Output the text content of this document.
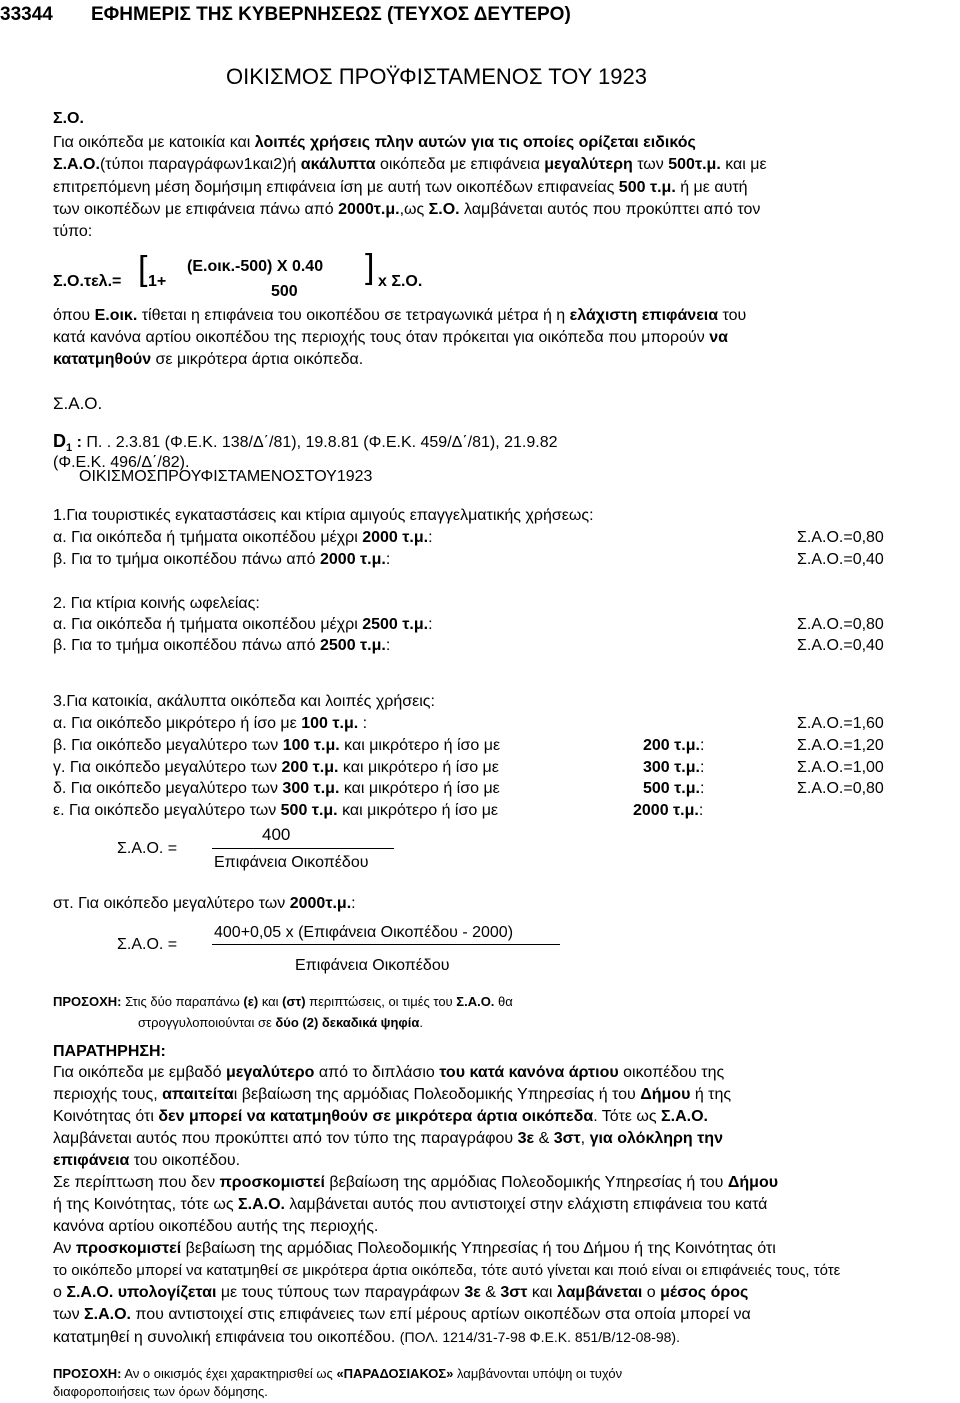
33344 ΕΦΗΜΕΡΙΣ ΤΗΣ ΚΥΒΕΡΝΗΣΕΩΣ (ΤΕΥΧΟΣ ΔΕΥΤΕΡΟ)
ΟΙΚΙΣΜΟΣ ΠΡΟΫΦΙΣΤΑΜΕΝΟΣ ΤΟΥ 1923
Σ.Ο.
Για οικόπεδα με κατοικία και λοιπές χρήσεις πλην αυτών για τις οποίες ορίζεται ειδικός
Σ.Α.Ο.(τύποι παραγράφων1και2)ή ακάλυπτα οικόπεδα με επιφάνεια μεγαλύτερη των 500τ.μ. και με
επιτρεπόμενη μέση δομήσιμη επιφάνεια ίση με αυτή των οικοπέδων επιφανείας 500 τ.μ. ή με αυτή
των οικοπέδων με επιφάνεια πάνω από 2000τ.μ.,ως Σ.Ο. λαμβάνεται αυτός που προκύπτει από τον
τύπο:
Σ.Ο.τελ.= [ 1+
(Ε.οικ.-500) Χ 0.40
500
] x Σ.Ο.
όπου Ε.οικ. τίθεται η επιφάνεια του οικοπέδου σε τετραγωνικά μέτρα ή η ελάχιστη επιφάνεια του
κατά κανόνα αρτίου οικοπέδου της περιοχής τους όταν πρόκειται για οικόπεδα που μπορούν να
κατατμηθούν σε μικρότερα άρτια οικόπεδα.
Σ.Α.Ο.
$D_1$ : Π. . 2.3.81 (Φ.Ε.Κ. 138/Δ΄/81), 19.8.81 (Φ.Ε.Κ. 459/Δ΄/81), 21.9.82
(Φ.Ε.Κ. 496/Δ΄/82).
ΟΙΚΙΣΜΟΣΠΡΟΥΦΙΣΤΑΜΕΝΟΣΤΟΥ1923
1.Για τουριστικές εγκαταστάσεις και κτίρια αμιγούς επαγγελματικής χρήσεως:
α. Για οικόπεδα ή τμήματα οικοπέδου μέχρι 2000 τ.μ.:	Σ.Α.Ο.=0,80
β. Για το τμήμα οικοπέδου πάνω από 2000 τ.μ.:	Σ.Α.Ο.=0,40
2. Για κτίρια κοινής ωφελείας:
α. Για οικόπεδα ή τμήματα οικοπέδου μέχρι 2500 τ.μ.:	Σ.Α.Ο.=0,80
β. Για το τμήμα οικοπέδου πάνω από 2500 τ.μ.:	Σ.Α.Ο.=0,40
3.Για κατοικία, ακάλυπτα οικόπεδα και λοιπές χρήσεις:
α. Για οικόπεδο μικρότερο ή ίσο με 100 τ.μ. :	Σ.Α.Ο.=1,60
β. Για οικόπεδο μεγαλύτερο των 100 τ.μ. και μικρότερο ή ίσο με	200 τ.μ.:	Σ.Α.Ο.=1,20
γ. Για οικόπεδο μεγαλύτερο των 200 τ.μ. και μικρότερο ή ίσο με	300 τ.μ.:	Σ.Α.Ο.=1,00
δ. Για οικόπεδο μεγαλύτερο των 300 τ.μ. και μικρότερο ή ίσο με	500 τ.μ.:	Σ.Α.Ο.=0,80
ε. Για οικόπεδο μεγαλύτερο των 500 τ.μ. και μικρότερο ή ίσο με	2000 τ.μ.:
Σ.Α.Ο. =
400
Επιφάνεια Οικοπέδου
στ. Για οικόπεδο μεγαλύτερο των 2000τ.μ.:
Σ.Α.Ο. =
400+0,05 x (Επιφάνεια Οικοπέδου - 2000)
Επιφάνεια Οικοπέδου
ΠΡΟΣΟΧΗ: Στις δύο παραπάνω (ε) και (στ) περιπτώσεις, οι τιμές του Σ.Α.Ο. θα
στρογγυλοποιούνται σε δύο (2) δεκαδικά ψηφία.
ΠΑΡΑΤΗΡΗΣΗ:
Για οικόπεδα με εμβαδό μεγαλύτερο από το διπλάσιο του κατά κανόνα άρτιου οικοπέδου της
περιοχής τους, απαιτείται βεβαίωση της αρμόδιας Πολεοδομικής Υπηρεσίας ή του Δήμου ή της
Κοινότητας ότι δεν μπορεί να κατατμηθούν σε μικρότερα άρτια οικόπεδα. Τότε ως Σ.Α.Ο.
λαμβάνεται αυτός που προκύπτει από τον τύπο της παραγράφου 3ε & 3στ, για ολόκληρη την
επιφάνεια του οικοπέδου.
Σε περίπτωση που δεν προσκομιστεί βεβαίωση της αρμόδιας Πολεοδομικής Υπηρεσίας ή του Δήμου
ή της Κοινότητας, τότε ως Σ.Α.Ο. λαμβάνεται αυτός που αντιστοιχεί στην ελάχιστη επιφάνεια του κατά
κανόνα αρτίου οικοπέδου αυτής της περιοχής.
Αν προσκομιστεί βεβαίωση της αρμόδιας Πολεοδομικής Υπηρεσίας ή του Δήμου ή της Κοινότητας ότι
το οικόπεδο μπορεί να κατατμηθεί σε μικρότερα άρτια οικόπεδα, τότε αυτό γίνεται και ποιό είναι οι επιφάνειές τους, τότε
ο Σ.Α.Ο. υπολογίζεται με τους τύπους των παραγράφων 3ε & 3στ και λαμβάνεται ο μέσος όρος
των Σ.Α.Ο. που αντιστοιχεί στις επιφάνειες των επί μέρους αρτίων οικοπέδων στα οποία μπορεί να
κατατμηθεί η συνολική επιφάνεια του οικοπέδου. (ΠΟΛ. 1214/31-7-98 Φ.Ε.Κ. 851/Β/12-08-98).
ΠΡΟΣΟΧΗ: Αν ο οικισμός έχει χαρακτηρισθεί ως «ΠΑΡΑΔΟΣΙΑΚΟΣ» λαμβάνονται υπόψη οι τυχόν
διαφοροποιήσεις των όρων δόμησης.
